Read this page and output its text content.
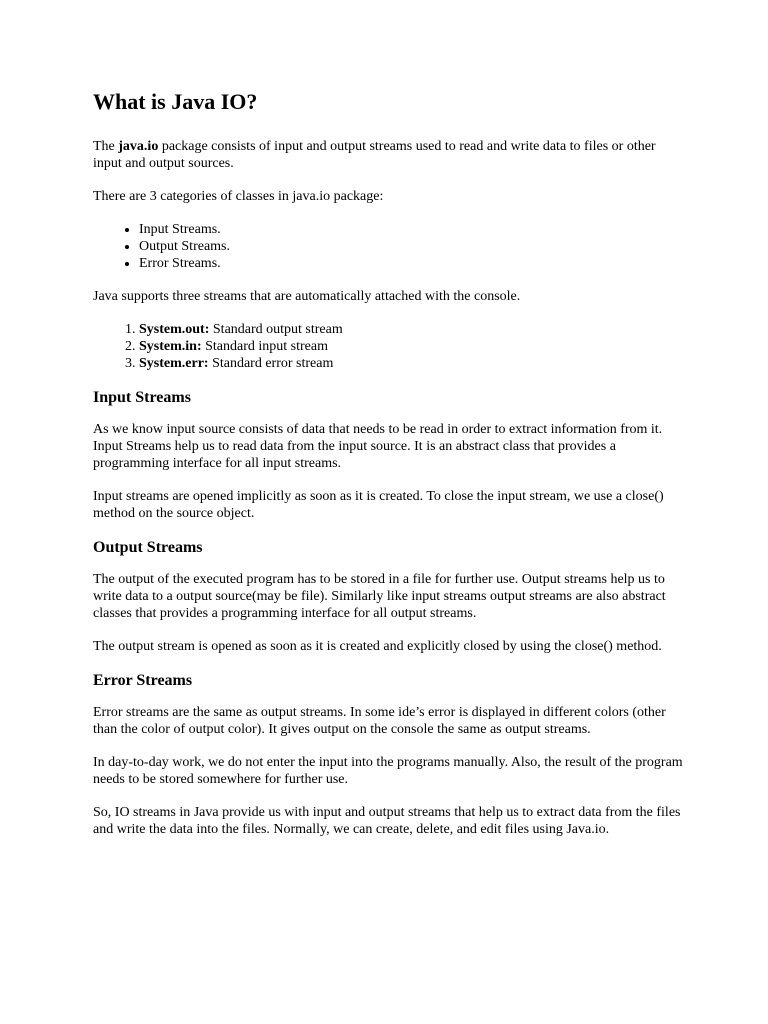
What is Java IO?

The java.io package consists of input and output streams used to read and write data to files or other input and output sources.

There are 3 categories of classes in java.io package:

• Input Streams.
• Output Streams.
• Error Streams.

Java supports three streams that are automatically attached with the console.

1. System.out: Standard output stream
2. System.in: Standard input stream
3. System.err: Standard error stream
Input Streams

As we know input source consists of data that needs to be read in order to extract information from it. Input Streams help us to read data from the input source. It is an abstract class that provides a programming interface for all input streams.

Input streams are opened implicitly as soon as it is created. To close the input stream, we use a close() method on the source object.

Output Streams

The output of the executed program has to be stored in a file for further use. Output streams help us to write data to a output source(may be file). Similarly like input streams output streams are also abstract classes that provides a programming interface for all output streams.

The output stream is opened as soon as it is created and explicitly closed by using the close() method.

Error Streams

Error streams are the same as output streams. In some ide’s error is displayed in different colors (other than the color of output color). It gives output on the console the same as output streams.

In day-to-day work, we do not enter the input into the programs manually. Also, the result of the program needs to be stored somewhere for further use.

So, IO streams in Java provide us with input and output streams that help us to extract data from the files and write the data into the files. Normally, we can create, delete, and edit files using Java.io.
